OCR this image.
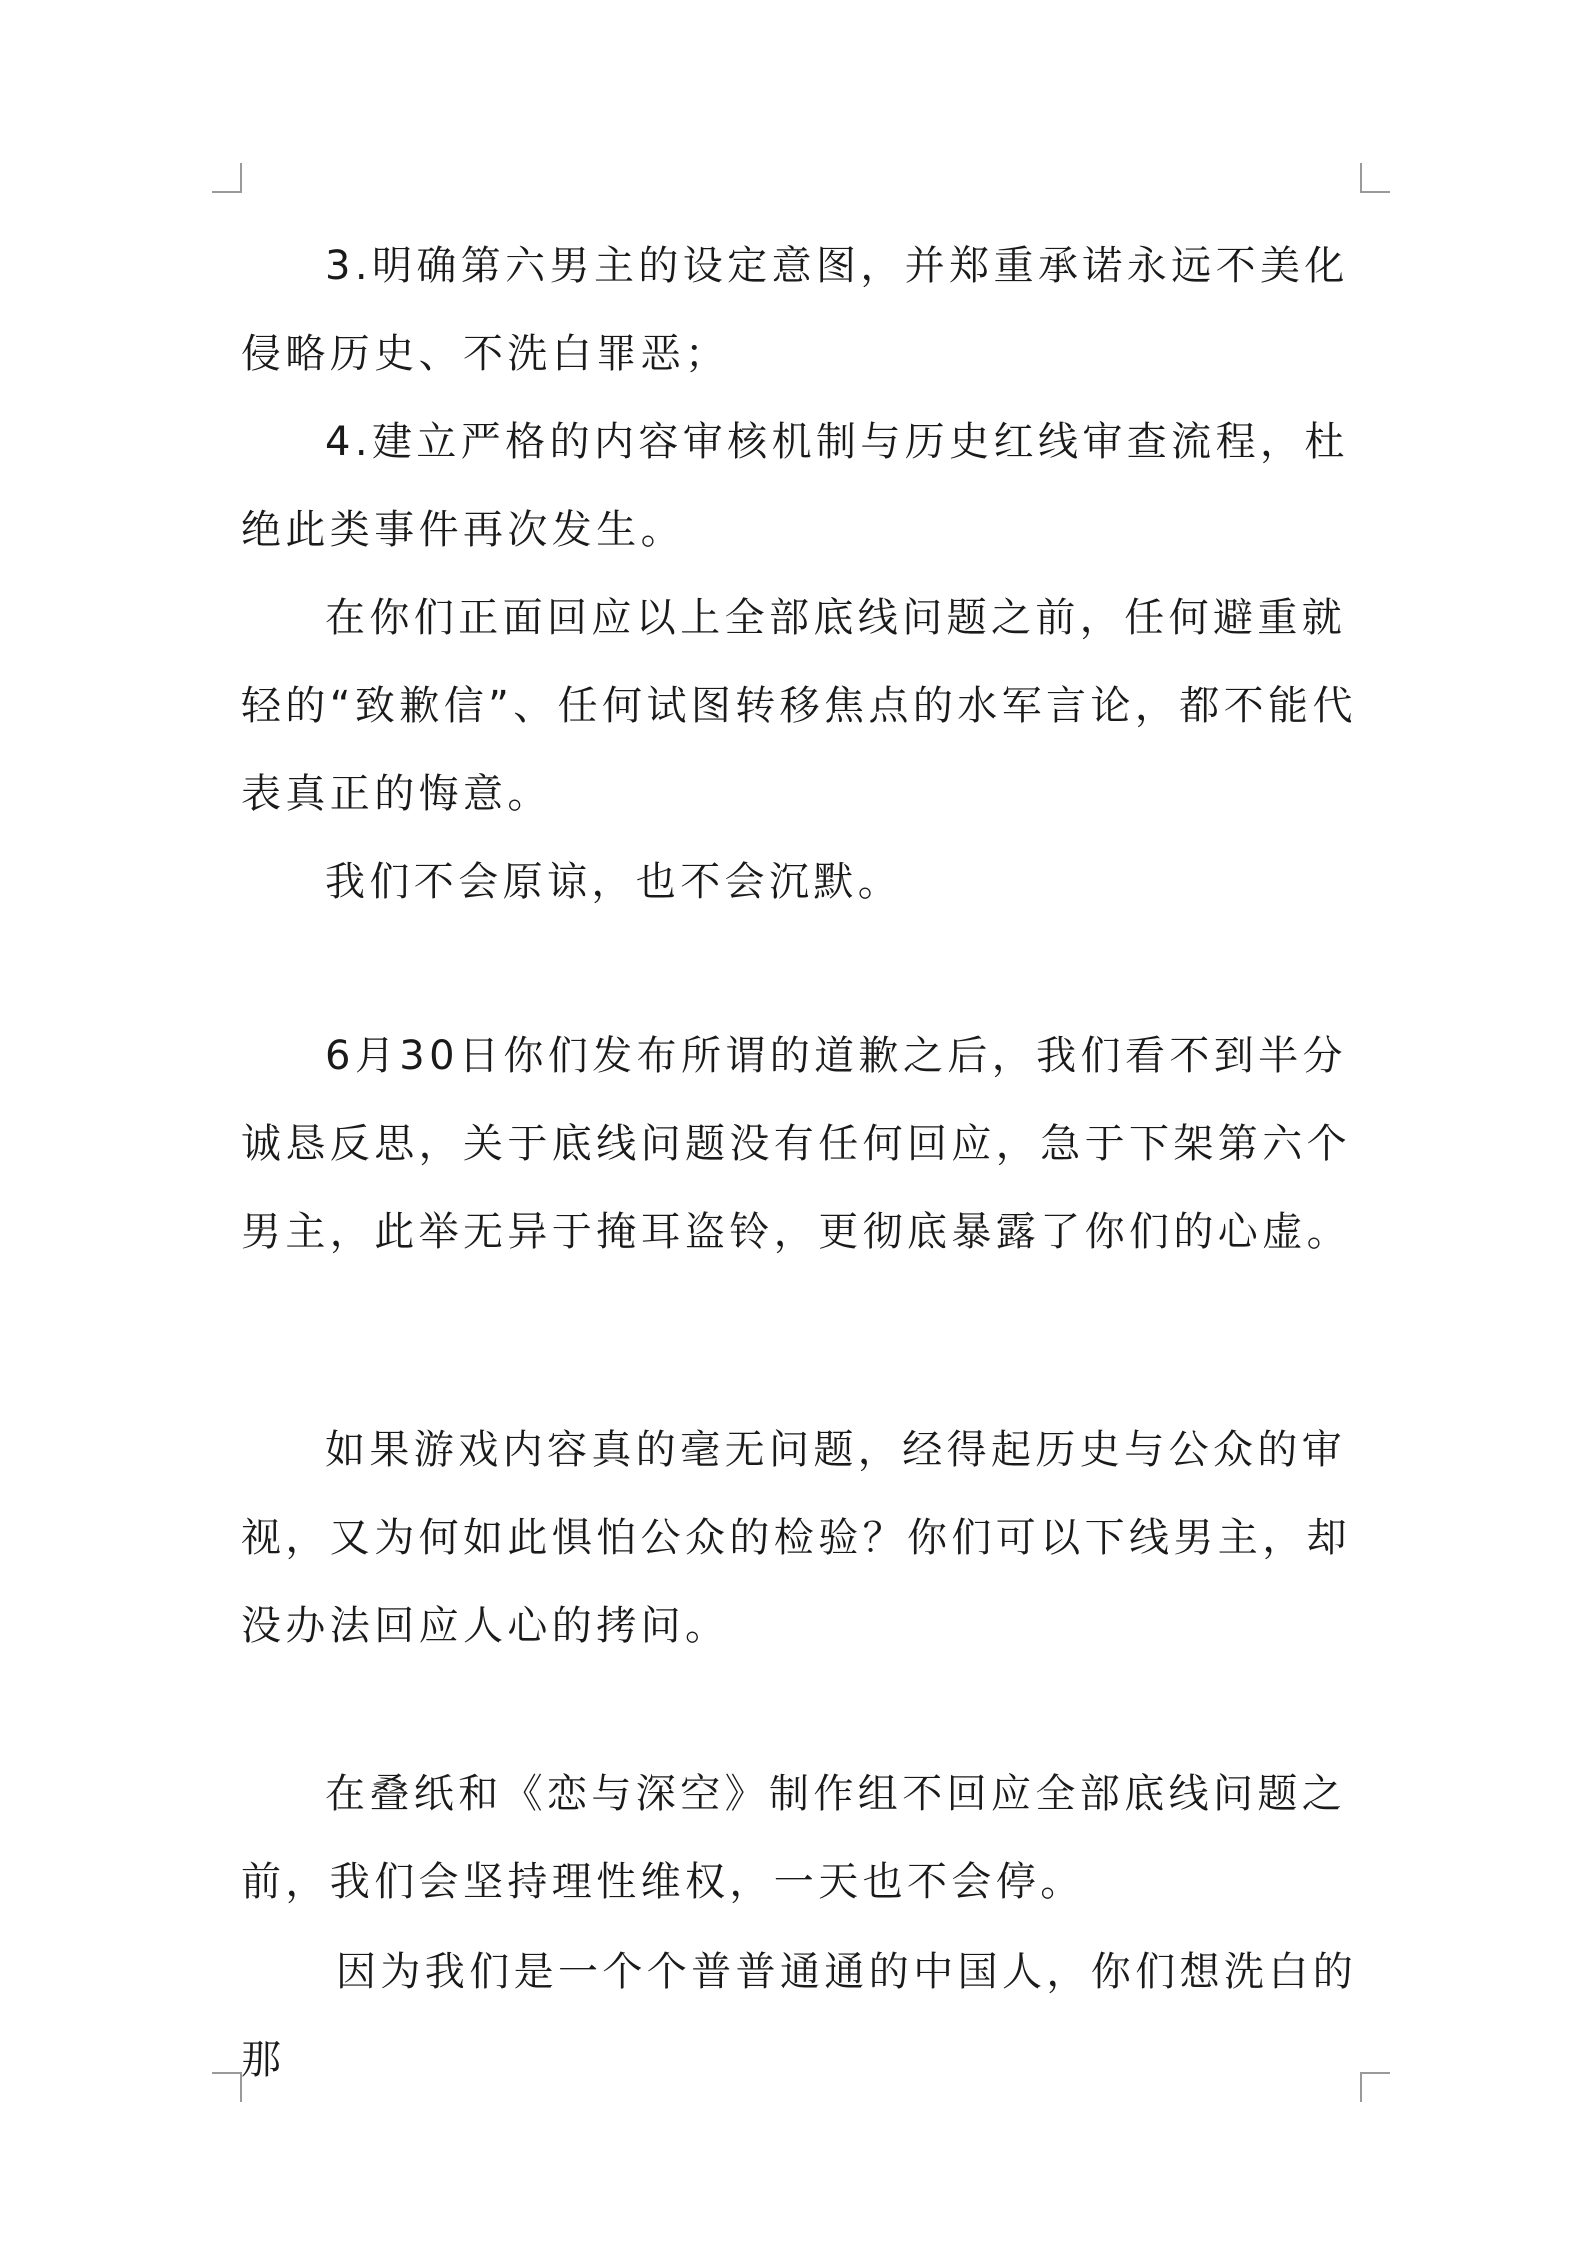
3.明确第六男主的设定意图，并郑重承诺永远不美化侵略历史、不洗白罪恶；

4.建立严格的内容审核机制与历史红线审查流程，杜绝此类事件再次发生。

在你们正面回应以上全部底线问题之前，任何避重就轻的“致歉信”、任何试图转移焦点的水军言论，都不能代表真正的悔意。

我们不会原谅，也不会沉默。

6月30日你们发布所谓的道歉之后，我们看不到半分诚恳反思，关于底线问题没有任何回应，急于下架第六个男主，此举无异于掩耳盗铃，更彻底暴露了你们的心虚。

如果游戏内容真的毫无问题，经得起历史与公众的审视，又为何如此惧怕公众的检验？你们可以下线男主，却没办法回应人心的拷问。

在叠纸和《恋与深空》制作组不回应全部底线问题之前，我们会坚持理性维权，一天也不会停。

因为我们是一个个普普通通的中国人，你们想洗白的那
